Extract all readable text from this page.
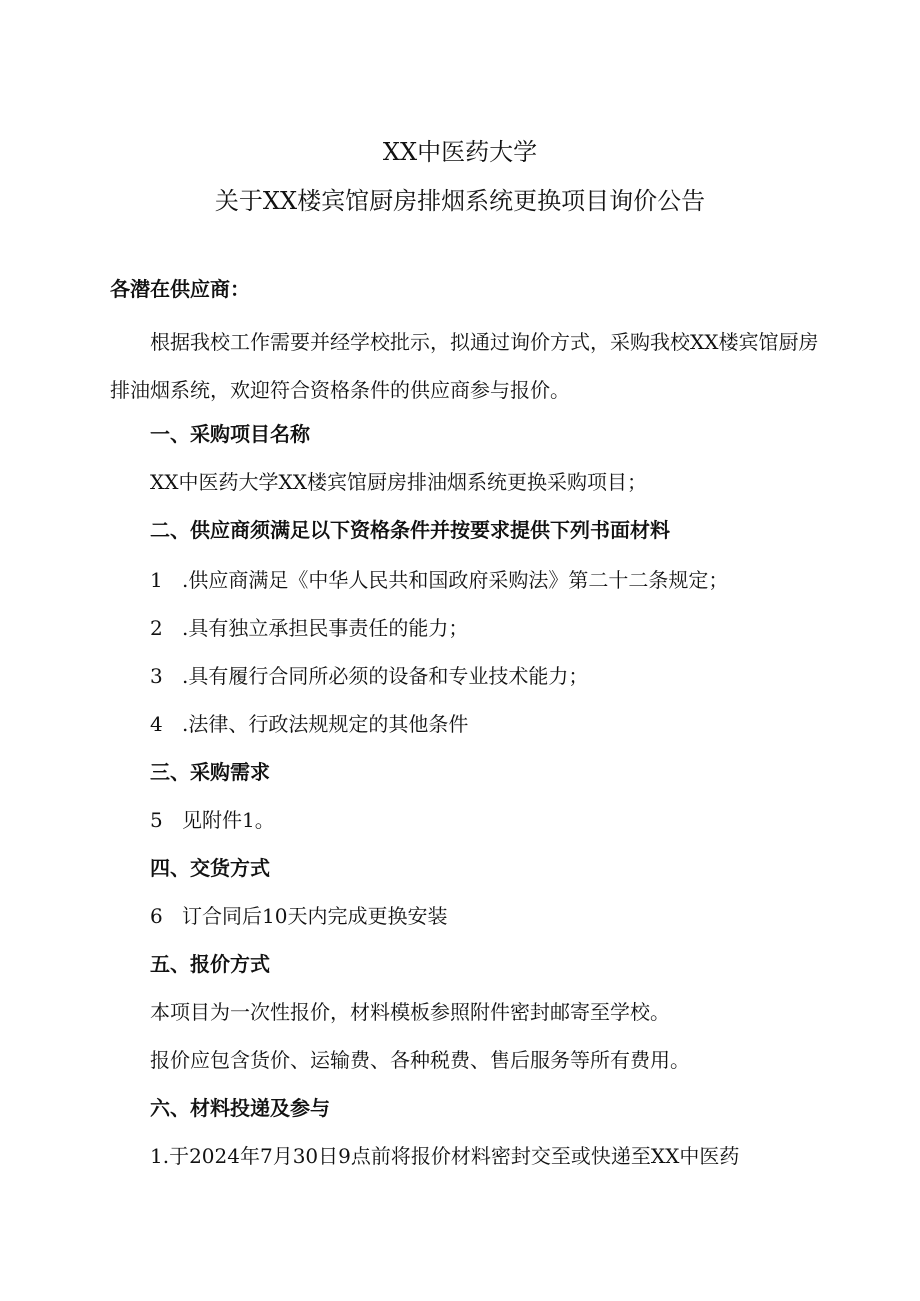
XX中医药大学
关于XX楼宾馆厨房排烟系统更换项目询价公告
各潜在供应商：
根据我校工作需要并经学校批示，拟通过询价方式，采购我校XX楼宾馆厨房排油烟系统，欢迎符合资格条件的供应商参与报价。
一、采购项目名称
XX中医药大学XX楼宾馆厨房排油烟系统更换采购项目；
二、供应商须满足以下资格条件并按要求提供下列书面材料
1 .供应商满足《中华人民共和国政府采购法》第二十二条规定；
2 .具有独立承担民事责任的能力；
3 .具有履行合同所必须的设备和专业技术能力；
4 .法律、行政法规规定的其他条件
三、采购需求
5 见附件1。
四、交货方式
6 订合同后10天内完成更换安装
五、报价方式
本项目为一次性报价，材料模板参照附件密封邮寄至学校。
报价应包含货价、运输费、各种税费、售后服务等所有费用。
六、材料投递及参与
1.于2024年7月30日9点前将报价材料密封交至或快递至XX中医药
